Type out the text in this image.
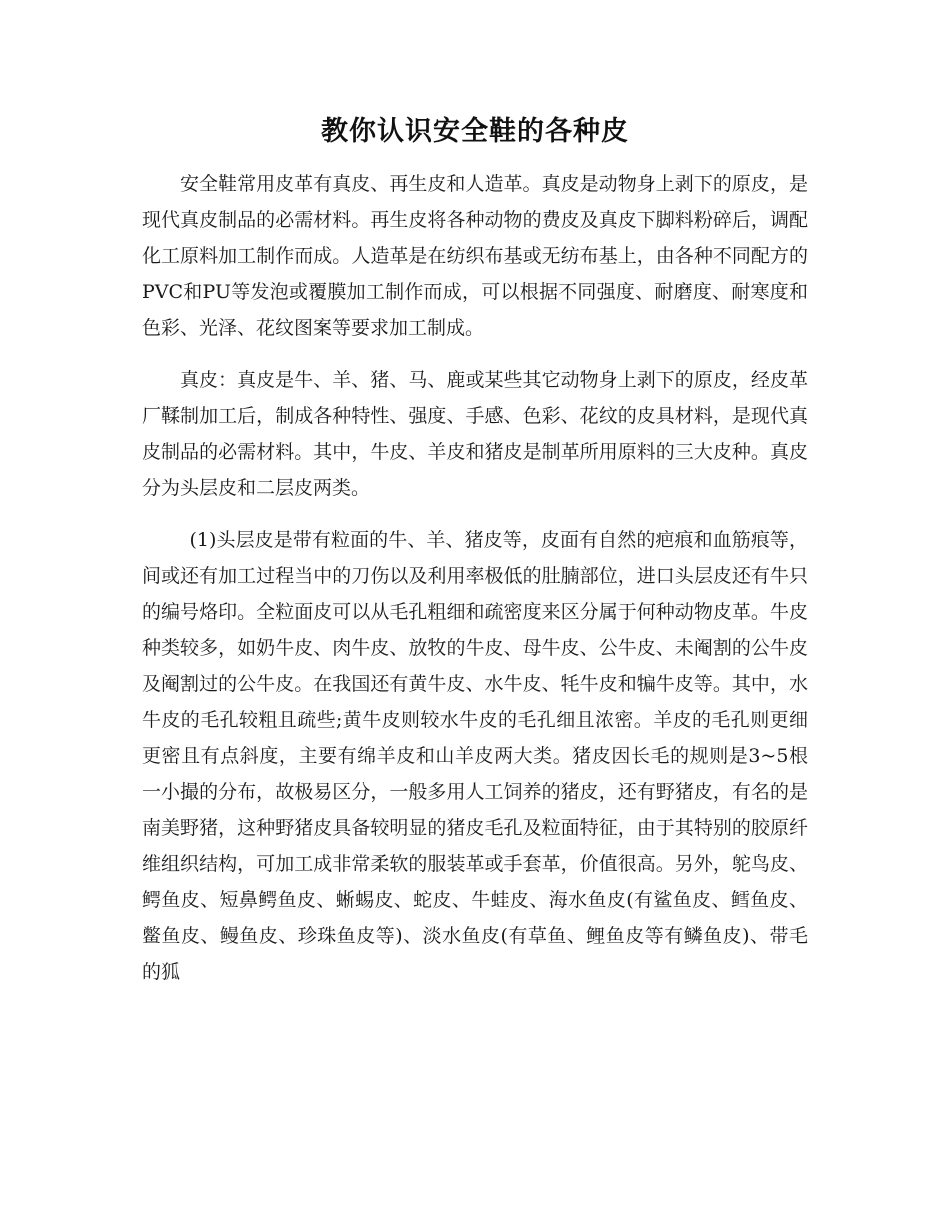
教你认识安全鞋的各种皮

安全鞋常用皮革有真皮、再生皮和人造革。真皮是动物身上剥下的原皮，是现代真皮制品的必需材料。再生皮将各种动物的费皮及真皮下脚料粉碎后，调配化工原料加工制作而成。人造革是在纺织布基或无纺布基上，由各种不同配方的PVC和PU等发泡或覆膜加工制作而成，可以根据不同强度、耐磨度、耐寒度和色彩、光泽、花纹图案等要求加工制成。

真皮：真皮是牛、羊、猪、马、鹿或某些其它动物身上剥下的原皮，经皮革厂鞣制加工后，制成各种特性、强度、手感、色彩、花纹的皮具材料，是现代真皮制品的必需材料。其中，牛皮、羊皮和猪皮是制革所用原料的三大皮种。真皮分为头层皮和二层皮两类。

(1)头层皮是带有粒面的牛、羊、猪皮等，皮面有自然的疤痕和血筋痕等，间或还有加工过程当中的刀伤以及利用率极低的肚腩部位，进口头层皮还有牛只的编号烙印。全粒面皮可以从毛孔粗细和疏密度来区分属于何种动物皮革。牛皮种类较多，如奶牛皮、肉牛皮、放牧的牛皮、母牛皮、公牛皮、未阉割的公牛皮及阉割过的公牛皮。在我国还有黄牛皮、水牛皮、牦牛皮和犏牛皮等。其中，水牛皮的毛孔较粗且疏些;黄牛皮则较水牛皮的毛孔细且浓密。羊皮的毛孔则更细更密且有点斜度，主要有绵羊皮和山羊皮两大类。猪皮因长毛的规则是3~5根一小撮的分布，故极易区分，一般多用人工饲养的猪皮，还有野猪皮，有名的是南美野猪，这种野猪皮具备较明显的猪皮毛孔及粒面特征，由于其特别的胶原纤维组织结构，可加工成非常柔软的服装革或手套革，价值很高。另外，鸵鸟皮、鳄鱼皮、短鼻鳄鱼皮、蜥蜴皮、蛇皮、牛蛙皮、海水鱼皮(有鲨鱼皮、鳕鱼皮、鳖鱼皮、鳗鱼皮、珍珠鱼皮等)、淡水鱼皮(有草鱼、鲤鱼皮等有鳞鱼皮)、带毛的狐
